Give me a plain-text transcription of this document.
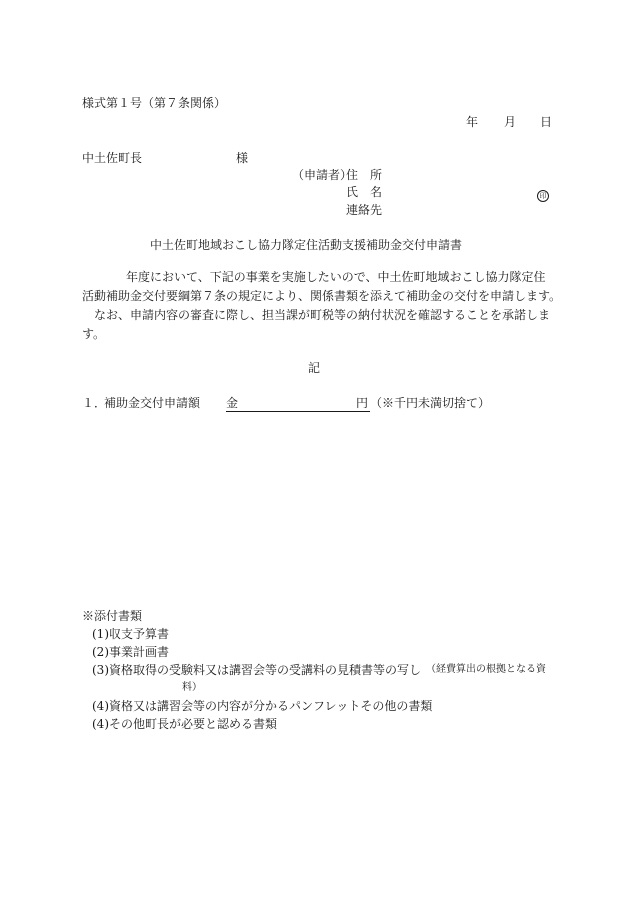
様式第１号（第７条関係）
年 月 日
中土佐町長	様
（申請者）
住　所
氏　名	印
連絡先
中土佐町地域おこし協力隊定住活動支援補助金交付申請書
年度において、下記の事業を実施したいので、中土佐町地域おこし協力隊定住
活動補助金交付要綱第７条の規定により、関係書類を添えて補助金の交付を申請します。
なお、申請内容の審査に際し、担当課が町税等の納付状況を確認することを承諾しま
す。
記
１．
補助金交付申請額 金	円 （※千円未満切捨て）
※添付書類
(1)収支予算書
(2)事業計画書
(3)資格取得の受験料又は講習会等の受講料の見積書等の写し （経費算出の根拠となる資
料）
(4)資格又は講習会等の内容が分かるパンフレットその他の書類
(4)その他町長が必要と認める書類
